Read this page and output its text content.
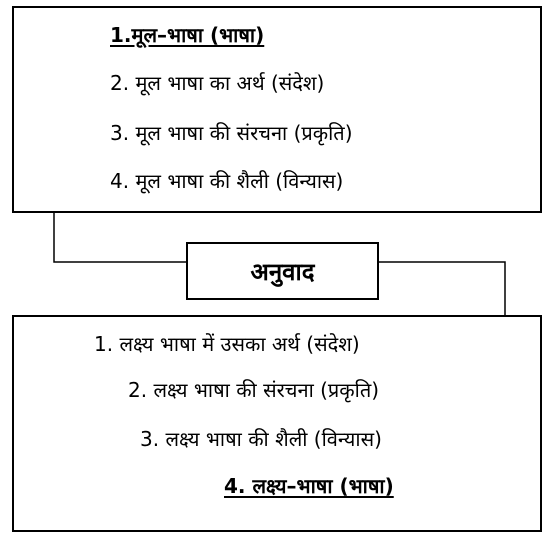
1.मूल–भाषा (भाषा)
2. मूल भाषा का अर्थ (संदेश)
3. मूल भाषा की संरचना (प्रकृति)
4. मूल भाषा की शैली (विन्यास)
अनुवाद
1. लक्ष्य भाषा में उसका अर्थ (संदेश)
2. लक्ष्य भाषा की संरचना (प्रकृति)
3. लक्ष्य भाषा की शैली (विन्यास)
4. लक्ष्य–भाषा (भाषा)
